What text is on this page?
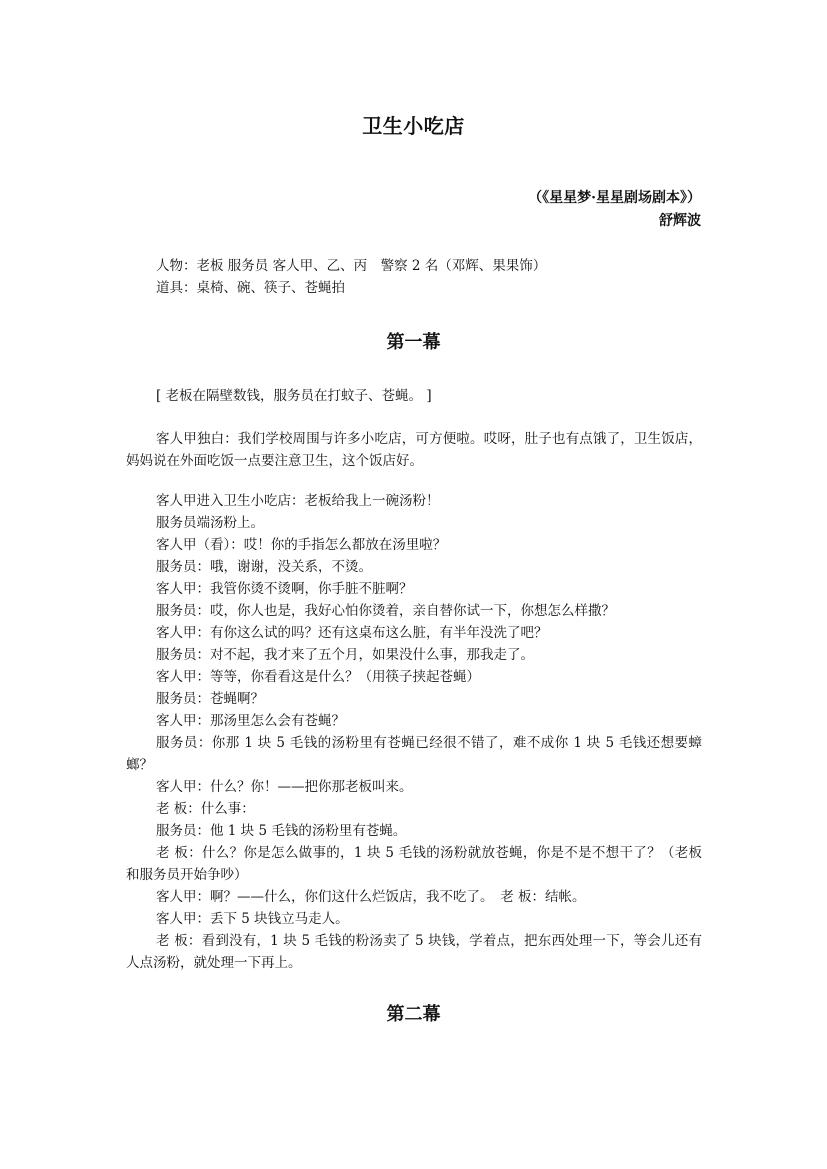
卫生小吃店
（《星星梦·星星剧场剧本》）
舒辉波
人物：老板 服务员 客人甲、乙、丙　警察 2 名（邓辉、果果饰）
道具：桌椅、碗、筷子、苍蝇拍
第一幕
[ 老板在隔壁数钱，服务员在打蚊子、苍蝇。 ]

客人甲独白：我们学校周围与许多小吃店，可方便啦。哎呀，肚子也有点饿了，卫生饭店，妈妈说在外面吃饭一点要注意卫生，这个饭店好。

客人甲进入卫生小吃店：老板给我上一碗汤粉！

服务员端汤粉上。

客人甲（看）：哎！你的手指怎么都放在汤里啦？

服务员：哦，谢谢，没关系，不烫。

客人甲：我管你烫不烫啊，你手脏不脏啊？

服务员：哎，你人也是，我好心怕你烫着，亲自替你试一下，你想怎么样撒？

客人甲：有你这么试的吗？还有这桌布这么脏，有半年没洗了吧？

服务员：对不起，我才来了五个月，如果没什么事，那我走了。

客人甲：等等，你看看这是什么？（用筷子挟起苍蝇）

服务员：苍蝇啊？

客人甲：那汤里怎么会有苍蝇？

服务员：你那 1 块 5 毛钱的汤粉里有苍蝇已经很不错了，难不成你 1 块 5 毛钱还想要蟑螂？

客人甲：什么？你！——把你那老板叫来。

老 板：什么事：

服务员：他 1 块 5 毛钱的汤粉里有苍蝇。

老 板：什么？你是怎么做事的，1 块 5 毛钱的汤粉就放苍蝇，你是不是不想干了？（老板和服务员开始争吵）

客人甲：啊？——什么，你们这什么烂饭店，我不吃了。　老 板：结帐。

客人甲：丢下 5 块钱立马走人。

老 板：看到没有，1 块 5 毛钱的粉汤卖了 5 块钱，学着点，把东西处理一下，等会儿还有人点汤粉，就处理一下再上。

第二幕
